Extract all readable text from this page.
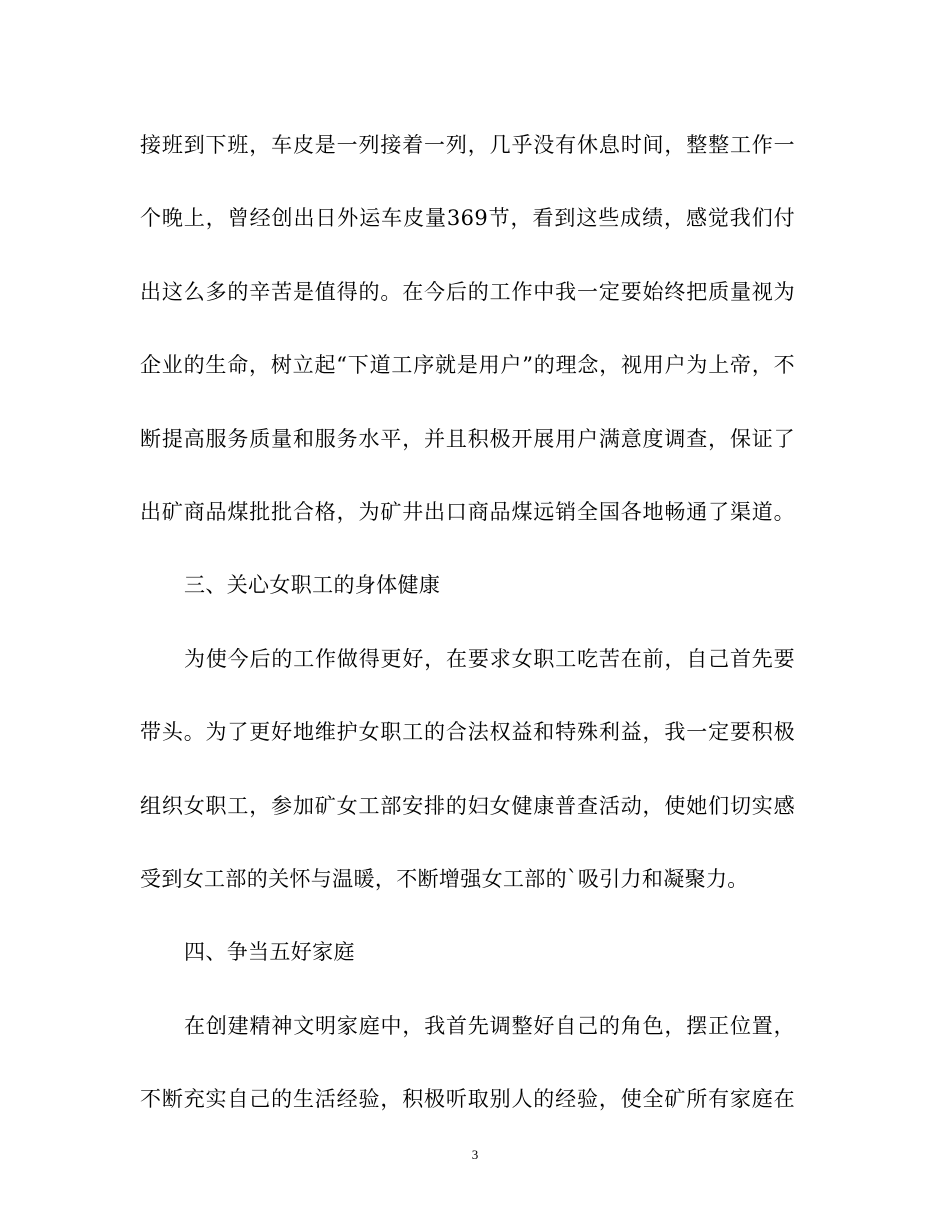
接班到下班，车皮是一列接着一列，几乎没有休息时间，整整工作一
个晚上，曾经创出日外运车皮量369节，看到这些成绩，感觉我们付
出这么多的辛苦是值得的。在今后的工作中我一定要始终把质量视为
企业的生命，树立起“下道工序就是用户”的理念，视用户为上帝，不
断提高服务质量和服务水平，并且积极开展用户满意度调查，保证了
出矿商品煤批批合格，为矿井出口商品煤远销全国各地畅通了渠道。
三、关心女职工的身体健康
为使今后的工作做得更好，在要求女职工吃苦在前，自己首先要
带头。为了更好地维护女职工的合法权益和特殊利益，我一定要积极
组织女职工，参加矿女工部安排的妇女健康普查活动，使她们切实感
受到女工部的关怀与温暖，不断增强女工部的`吸引力和凝聚力。
四、争当五好家庭
在创建精神文明家庭中，我首先调整好自己的角色，摆正位置，
不断充实自己的生活经验，积极听取别人的经验，使全矿所有家庭在
3
